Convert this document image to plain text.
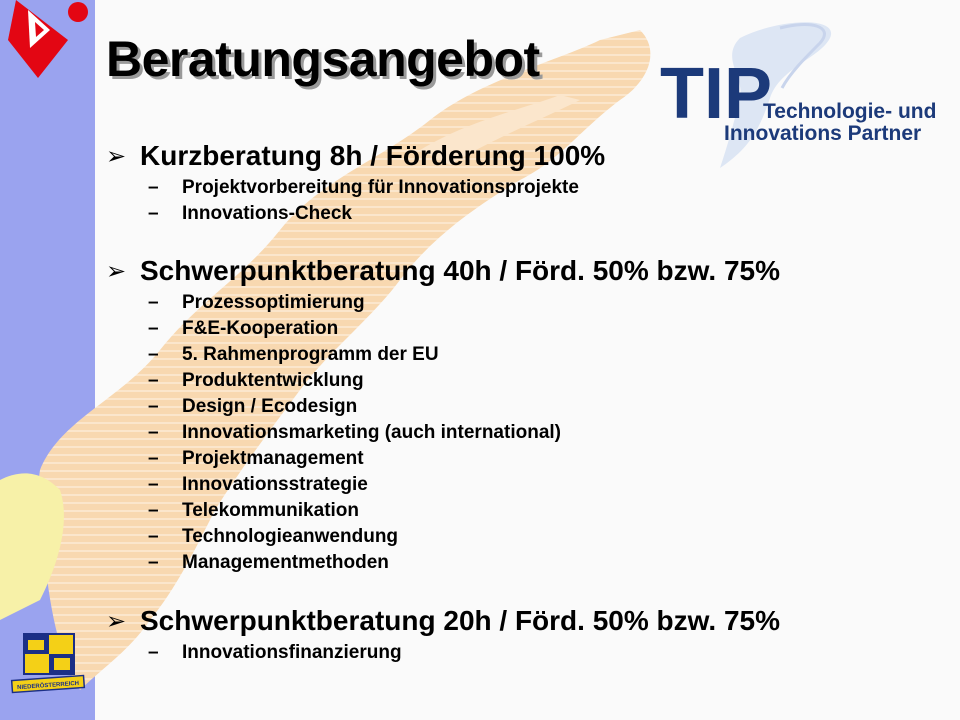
NIEDERÖSTERREICH
Beratungsangebot TIP
Technologie- und
Innovations Partner
➢ Kurzberatung 8h / Förderung 100%
–	Projektvorbereitung für Innovationsprojekte
–	Innovations-Check
➢ Schwerpunktberatung 40h / Förd. 50% bzw. 75%
–	Prozessoptimierung
–	F&E-Kooperation
–	5. Rahmenprogramm der EU
–	Produktentwicklung
–	Design / Ecodesign
–	Innovationsmarketing (auch international)
–	Projektmanagement
–	Innovationsstrategie
–	Telekommunikation
–	Technologieanwendung
–	Managementmethoden
➢ Schwerpunktberatung 20h / Förd. 50% bzw. 75%
–	Innovationsfinanzierung
